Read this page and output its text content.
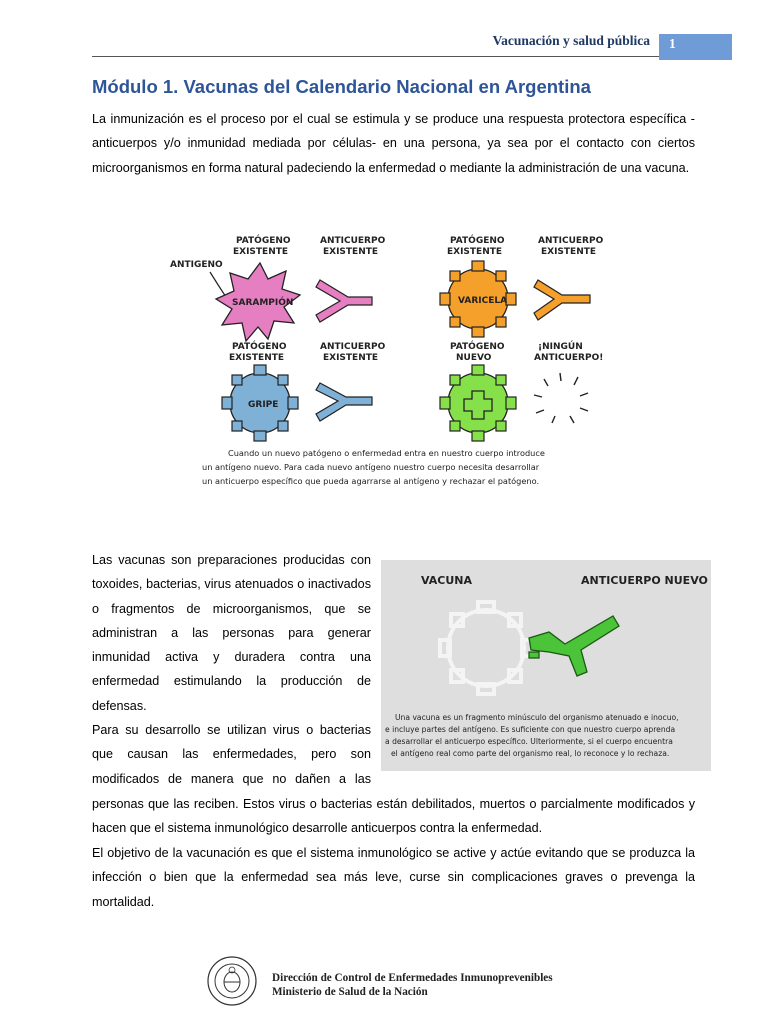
Vacunación y salud pública	1
Módulo 1. Vacunas del Calendario Nacional en Argentina

La inmunización es el proceso por el cual se estimula y se produce una respuesta protectora específica - anticuerpos y/o inmunidad mediada por células- en una persona, ya sea por el contacto con ciertos microorganismos en forma natural padeciendo la enfermedad o mediante la administración de una vacuna.

ANTIGENO
PATÓGENO
EXISTENTE
SARAMPIÓN
ANTICUERPO
EXISTENTE
PATÓGENO
EXISTENTE
VARICELA
ANTICUERPO
EXISTENTE
PATÓGENO
EXISTENTE
GRIPE
ANTICUERPO
EXISTENTE
PATÓGENO
NUEVO
¡NINGÚN
ANTICUERPO!
Cuando un nuevo patógeno o enfermedad entra en nuestro cuerpo introduce
un antígeno nuevo. Para cada nuevo antígeno nuestro cuerpo necesita desarrollar
un anticuerpo específico que pueda agarrarse al antígeno y rechazar el patógeno.
Las vacunas son preparaciones producidas con toxoides, bacterias, virus atenuados o inactivados o fragmentos de microorganismos, que se administran a las personas para generar inmunidad activa y duradera contra una enfermedad estimulando la producción de defensas.
Para su desarrollo se utilizan virus o bacterias que causan las enfermedades, pero son modificados de manera que no dañen a las
VACUNA	ANTICUERPO NUEVO
Una vacuna es un fragmento minúsculo del organismo atenuado e inocuo,
e incluye partes del antígeno. Es suficiente con que nuestro cuerpo aprenda
a desarrollar el anticuerpo específico. Ulteriormente, si el cuerpo encuentra
el antígeno real como parte del organismo real, lo reconoce y lo rechaza.

personas que las reciben. Estos virus o bacterias están debilitados, muertos o parcialmente modificados y hacen que el sistema inmunológico desarrolle anticuerpos contra la enfermedad.

El objetivo de la vacunación es que el sistema inmunológico se active y actúe evitando que se produzca la infección o bien que la enfermedad sea más leve, curse sin complicaciones graves o prevenga la mortalidad.

Dirección de Control de Enfermedades Inmunoprevenibles
Ministerio de Salud de la Nación
